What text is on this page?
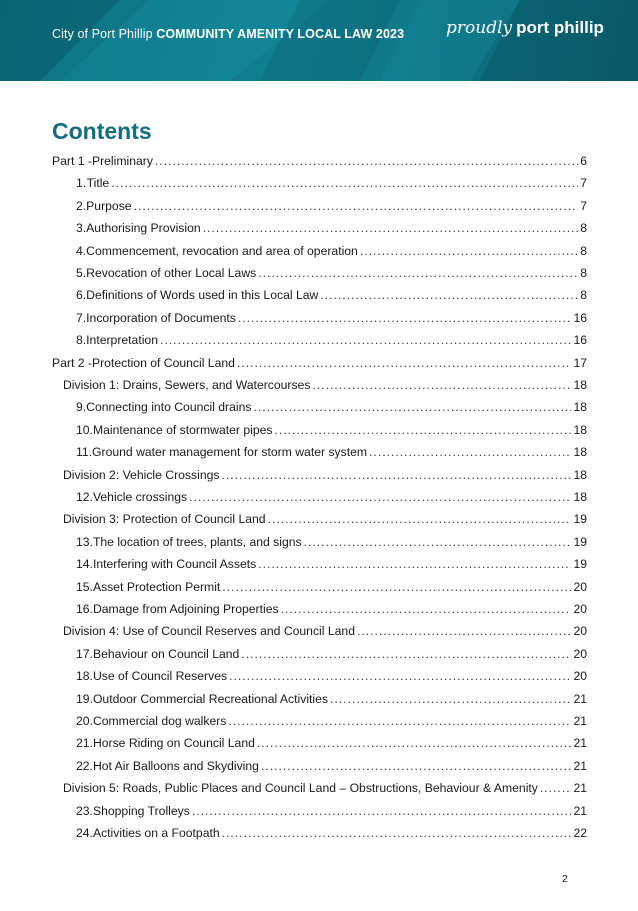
City of Port Phillip COMMUNITY AMENITY LOCAL LAW 2023 proudly port phillip
Contents
Part 1 - Preliminary .....	6
1. Title .....	7
2. Purpose .....	7
3. Authorising Provision .....	8
4. Commencement, revocation and area of operation .....	8
5. Revocation of other Local Laws .....	8
6. Definitions of Words used in this Local Law .....	8
7. Incorporation of Documents .....	16
8. Interpretation .....	16
Part 2 - Protection of Council Land .....	17
Division 1: Drains, Sewers, and Watercourses .....	18
9. Connecting into Council drains .....	18
10. Maintenance of stormwater pipes .....	18
11. Ground water management for storm water system .....	18
Division 2: Vehicle Crossings .....	18
12. Vehicle crossings .....	18
Division 3: Protection of Council Land .....	19
13. The location of trees, plants, and signs .....	19
14. Interfering with Council Assets .....	19
15. Asset Protection Permit .....	20
16. Damage from Adjoining Properties .....	20
Division 4: Use of Council Reserves and Council Land .....	20
17. Behaviour on Council Land .....	20
18. Use of Council Reserves .....	20
19. Outdoor Commercial Recreational Activities .....	21
20. Commercial dog walkers .....	21
21. Horse Riding on Council Land .....	21
22. Hot Air Balloons and Skydiving .....	21
Division 5: Roads, Public Places and Council Land – Obstructions, Behaviour & Amenity .....	21
23. Shopping Trolleys .....	21
24. Activities on a Footpath .....	22
2
